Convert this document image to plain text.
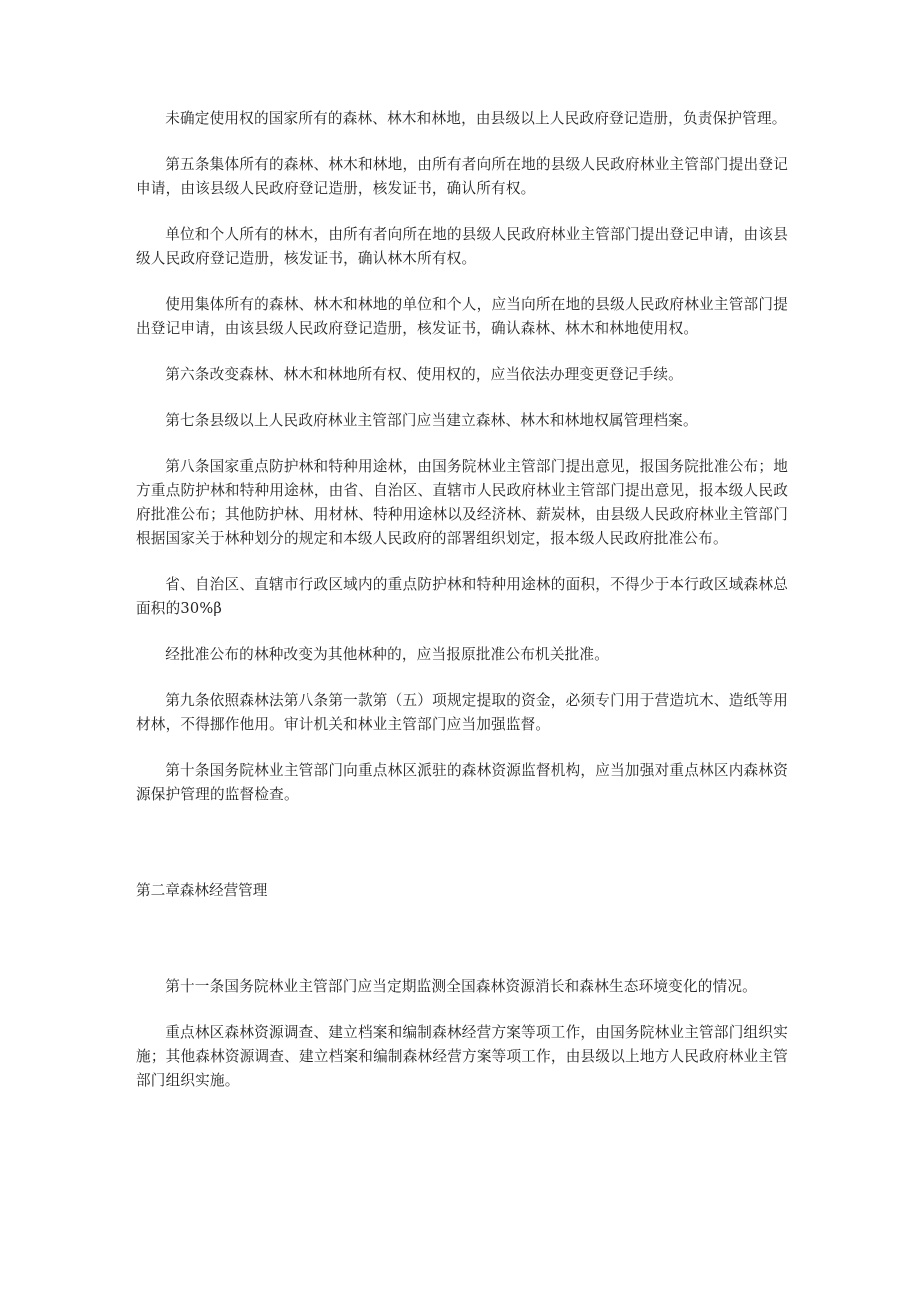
未确定使用权的国家所有的森林、林木和林地，由县级以上人民政府登记造册，负责保护管理。

第五条集体所有的森林、林木和林地，由所有者向所在地的县级人民政府林业主管部门提出登记申请，由该县级人民政府登记造册，核发证书，确认所有权。

单位和个人所有的林木，由所有者向所在地的县级人民政府林业主管部门提出登记申请，由该县级人民政府登记造册，核发证书，确认林木所有权。

使用集体所有的森林、林木和林地的单位和个人，应当向所在地的县级人民政府林业主管部门提出登记申请，由该县级人民政府登记造册，核发证书，确认森林、林木和林地使用权。

第六条改变森林、林木和林地所有权、使用权的，应当依法办理变更登记手续。

第七条县级以上人民政府林业主管部门应当建立森林、林木和林地权属管理档案。

第八条国家重点防护林和特种用途林，由国务院林业主管部门提出意见，报国务院批准公布；地方重点防护林和特种用途林，由省、自治区、直辖市人民政府林业主管部门提出意见，报本级人民政府批准公布；其他防护林、用材林、特种用途林以及经济林、薪炭林，由县级人民政府林业主管部门根据国家关于林种划分的规定和本级人民政府的部署组织划定，报本级人民政府批准公布。

省、自治区、直辖市行政区域内的重点防护林和特种用途林的面积，不得少于本行政区域森林总面积的30%β

经批准公布的林种改变为其他林种的，应当报原批准公布机关批准。

第九条依照森林法第八条第一款第（五）项规定提取的资金，必须专门用于营造坑木、造纸等用材林，不得挪作他用。审计机关和林业主管部门应当加强监督。

第十条国务院林业主管部门向重点林区派驻的森林资源监督机构，应当加强对重点林区内森林资源保护管理的监督检查。

第二章森林经营管理

第十一条国务院林业主管部门应当定期监测全国森林资源消长和森林生态环境变化的情况。

重点林区森林资源调查、建立档案和编制森林经营方案等项工作，由国务院林业主管部门组织实施；其他森林资源调查、建立档案和编制森林经营方案等项工作，由县级以上地方人民政府林业主管部门组织实施。
